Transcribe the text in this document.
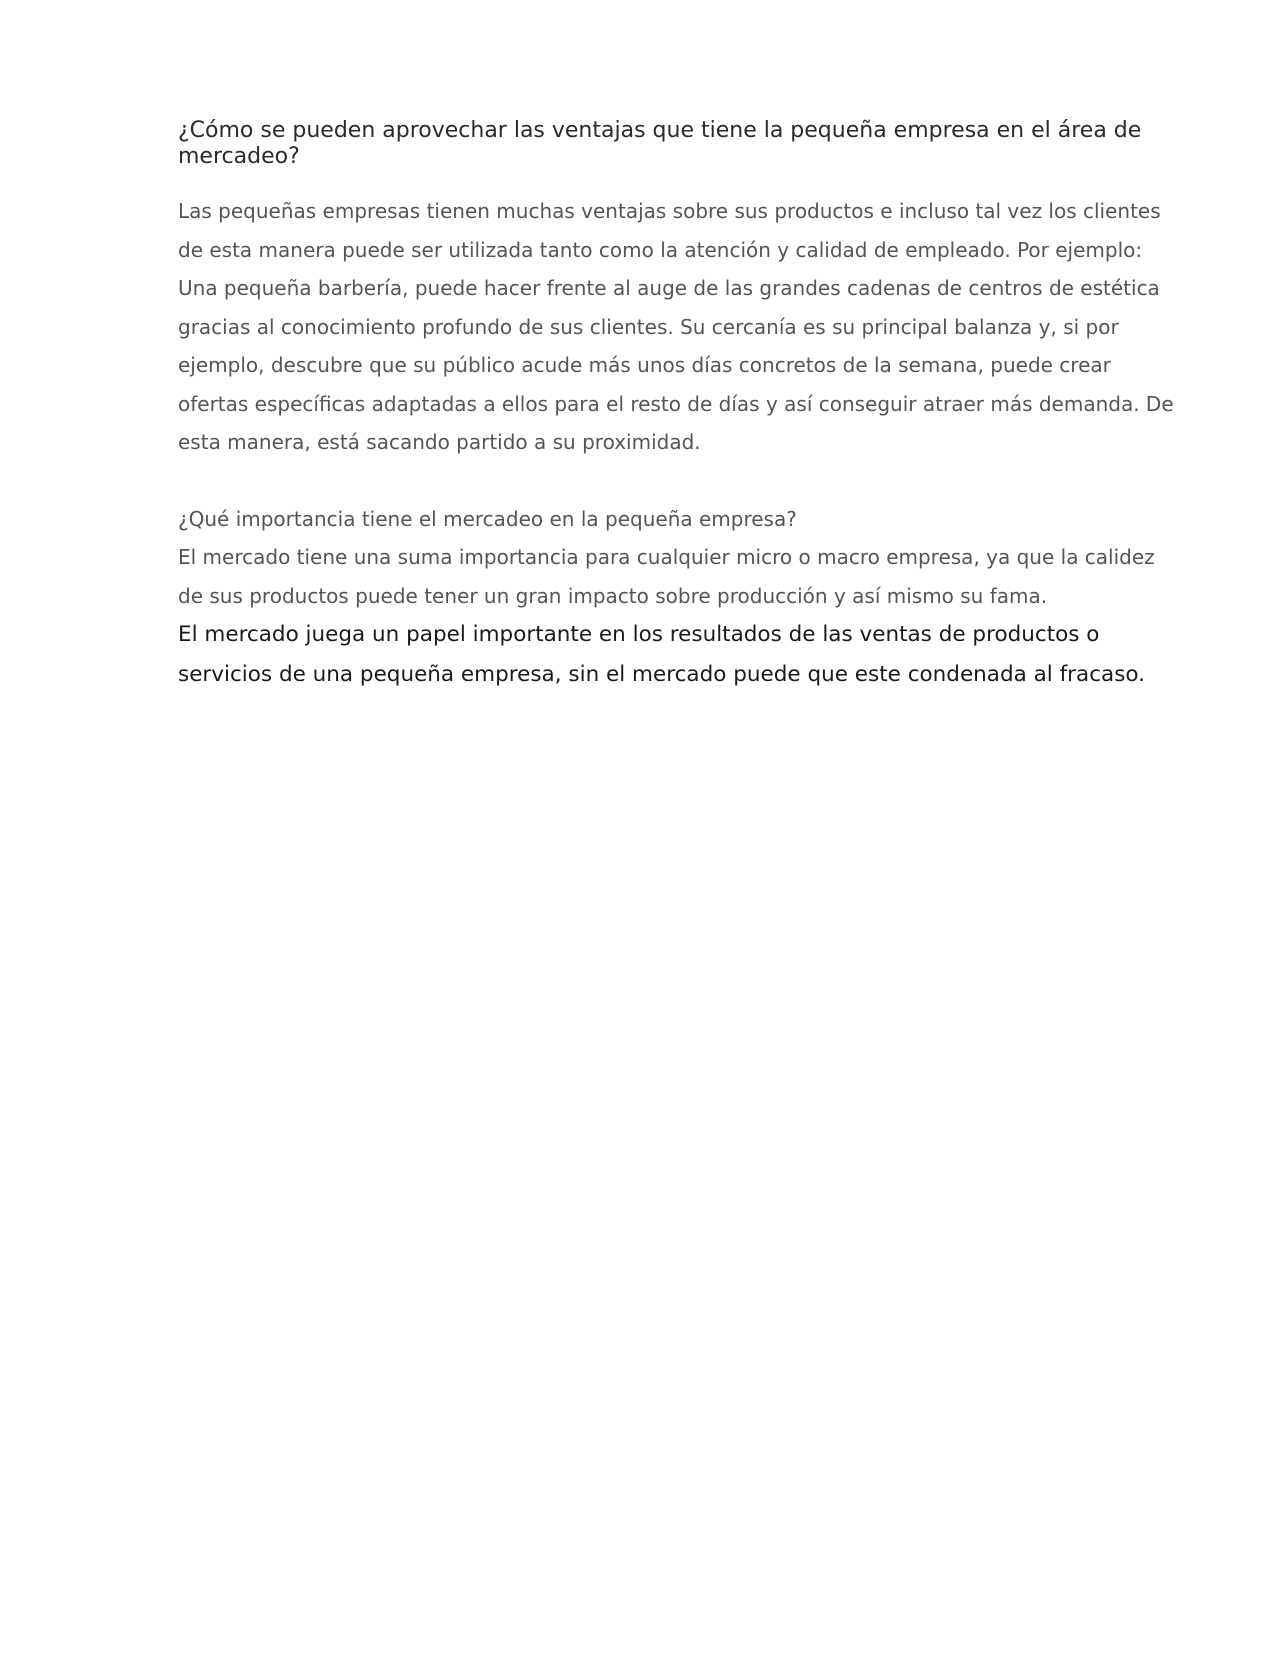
¿Cómo se pueden aprovechar las ventajas que tiene la pequeña empresa en el área de mercadeo?

Las pequeñas empresas tienen muchas ventajas sobre sus productos e incluso tal vez los clientes de esta manera puede ser utilizada tanto como la atención y calidad de empleado. Por ejemplo:

Una pequeña barbería, puede hacer frente al auge de las grandes cadenas de centros de estética gracias al conocimiento profundo de sus clientes. Su cercanía es su principal balanza y, si por ejemplo, descubre que su público acude más unos días concretos de la semana, puede crear ofertas específicas adaptadas a ellos para el resto de días y así conseguir atraer más demanda. De esta manera, está sacando partido a su proximidad.

¿Qué importancia tiene el mercadeo en la pequeña empresa?

El mercado tiene una suma importancia para cualquier micro o macro empresa, ya que la calidez de sus productos puede tener un gran impacto sobre producción y así mismo su fama.

El mercado juega un papel importante en los resultados de las ventas de productos o servicios de una pequeña empresa, sin el mercado puede que este condenada al fracaso.
